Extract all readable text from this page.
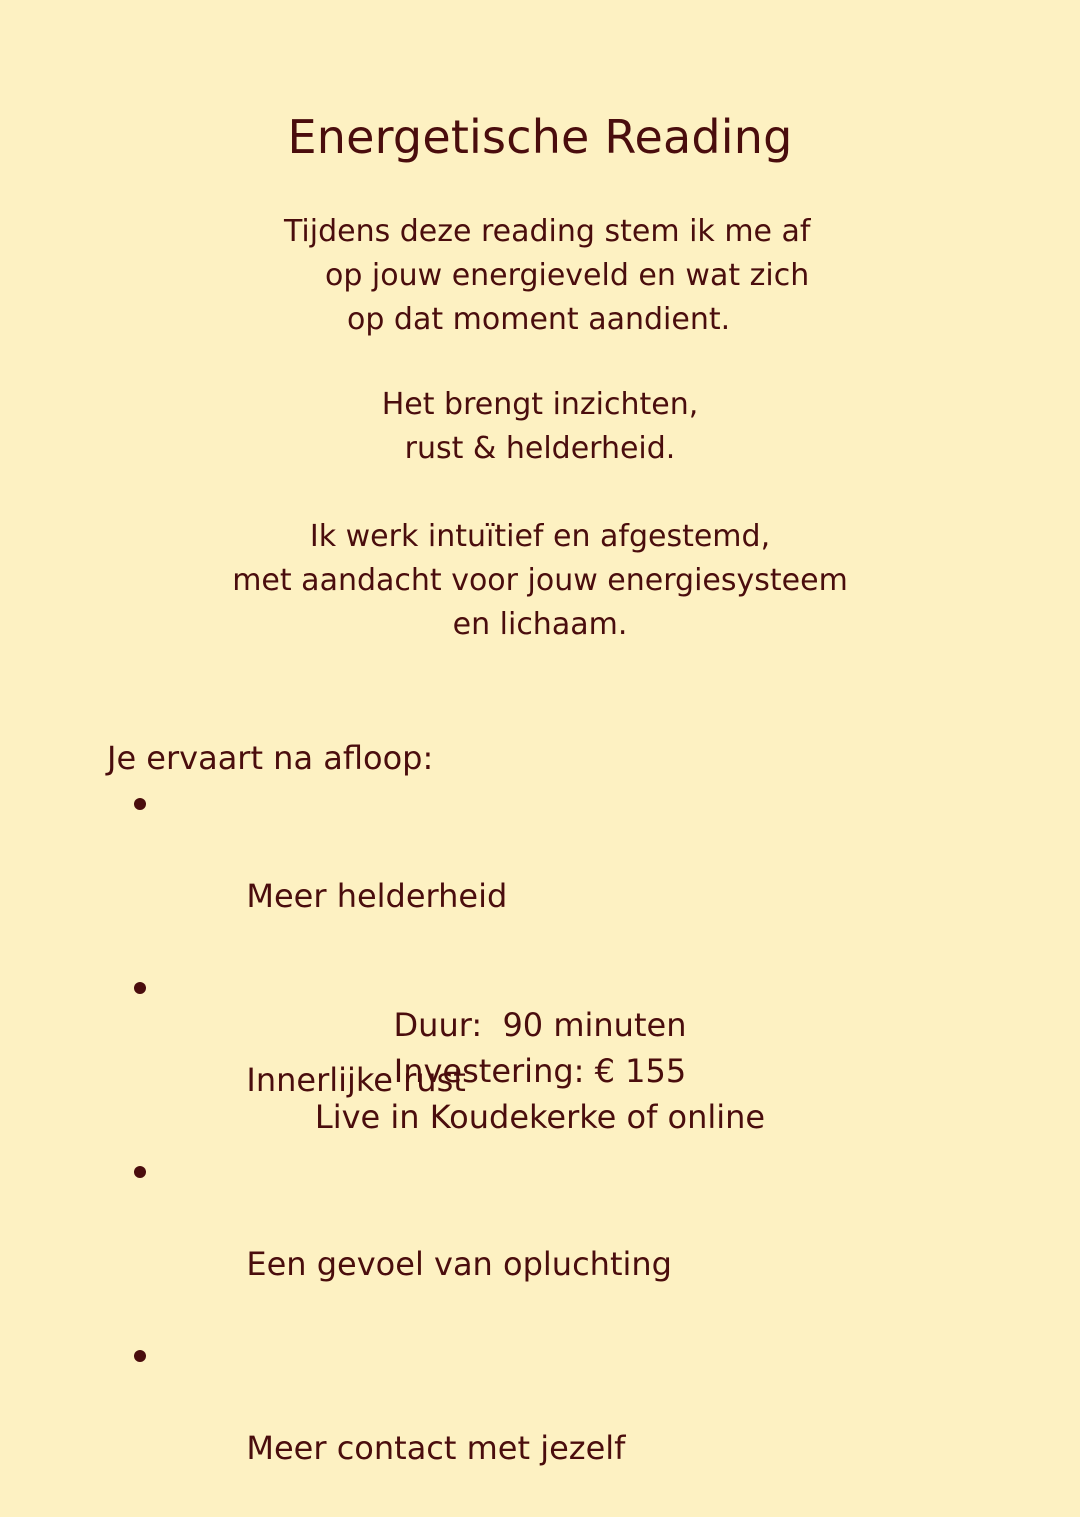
Energetische Reading

Tijdens deze reading stem ik me af

op jouw energieveld en wat zich

op dat moment aandient.

Het brengt inzichten,

rust & helderheid.

Ik werk intuïtief en afgestemd,

met aandacht voor jouw energiesysteem

en lichaam.

Je ervaart na afloop:

Meer helderheid

Innerlijke rust

Een gevoel van opluchting

Meer contact met jezelf

Duur:  90 minuten

Investering: € 155

Live in Koudekerke of online
